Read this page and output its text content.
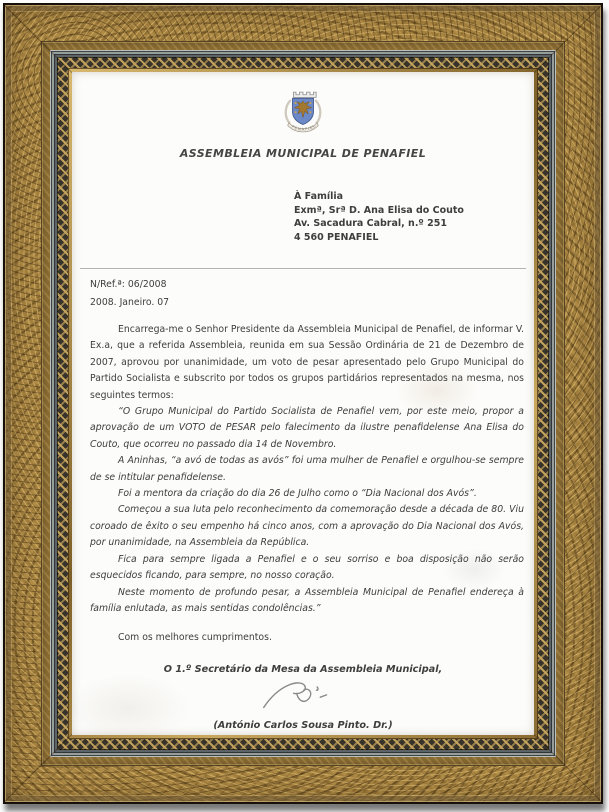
PENAFIEL
ASSEMBLEIA MUNICIPAL DE PENAFIEL
À Família
Exmª, Srª D. Ana Elisa do Couto
Av. Sacadura Cabral, n.º 251
4 560 PENAFIEL
N/Ref.ª: 06/2008
2008. Janeiro. 07

Encarrega-me o Senhor Presidente da Assembleia Municipal de Penafiel, de informar V. Ex.a, que a referida Assembleia, reunida em sua Sessão Ordinária de 21 de Dezembro de 2007, aprovou por unanimidade, um voto de pesar apresentado pelo Grupo Municipal do Partido Socialista e subscrito por todos os grupos partidários representados na mesma, nos seguintes termos:

“O Grupo Municipal do Partido Socialista de Penafiel vem, por este meio, propor a aprovação de um VOTO de PESAR pelo falecimento da ilustre penafidelense Ana Elisa do Couto, que ocorreu no passado dia 14 de Novembro.

A Aninhas, “a avó de todas as avós” foi uma mulher de Penafiel e orgulhou-se sempre de se intitular penafidelense.

Foi a mentora da criação do dia 26 de Julho como o “Dia Nacional dos Avós”.

Começou a sua luta pelo reconhecimento da comemoração desde a década de 80. Viu coroado de êxito o seu empenho há cinco anos, com a aprovação do Dia Nacional dos Avós, por unanimidade, na Assembleia da República.

Fica para sempre ligada a Penafiel e o seu sorriso e boa disposição não serão esquecidos ficando, para sempre, no nosso coração.

Neste momento de profundo pesar, a Assembleia Municipal de Penafiel endereça à família enlutada, as mais sentidas condolências.”

Com os melhores cumprimentos.
O 1.º Secretário da Mesa da Assembleia Municipal,
(António Carlos Sousa Pinto. Dr.)
